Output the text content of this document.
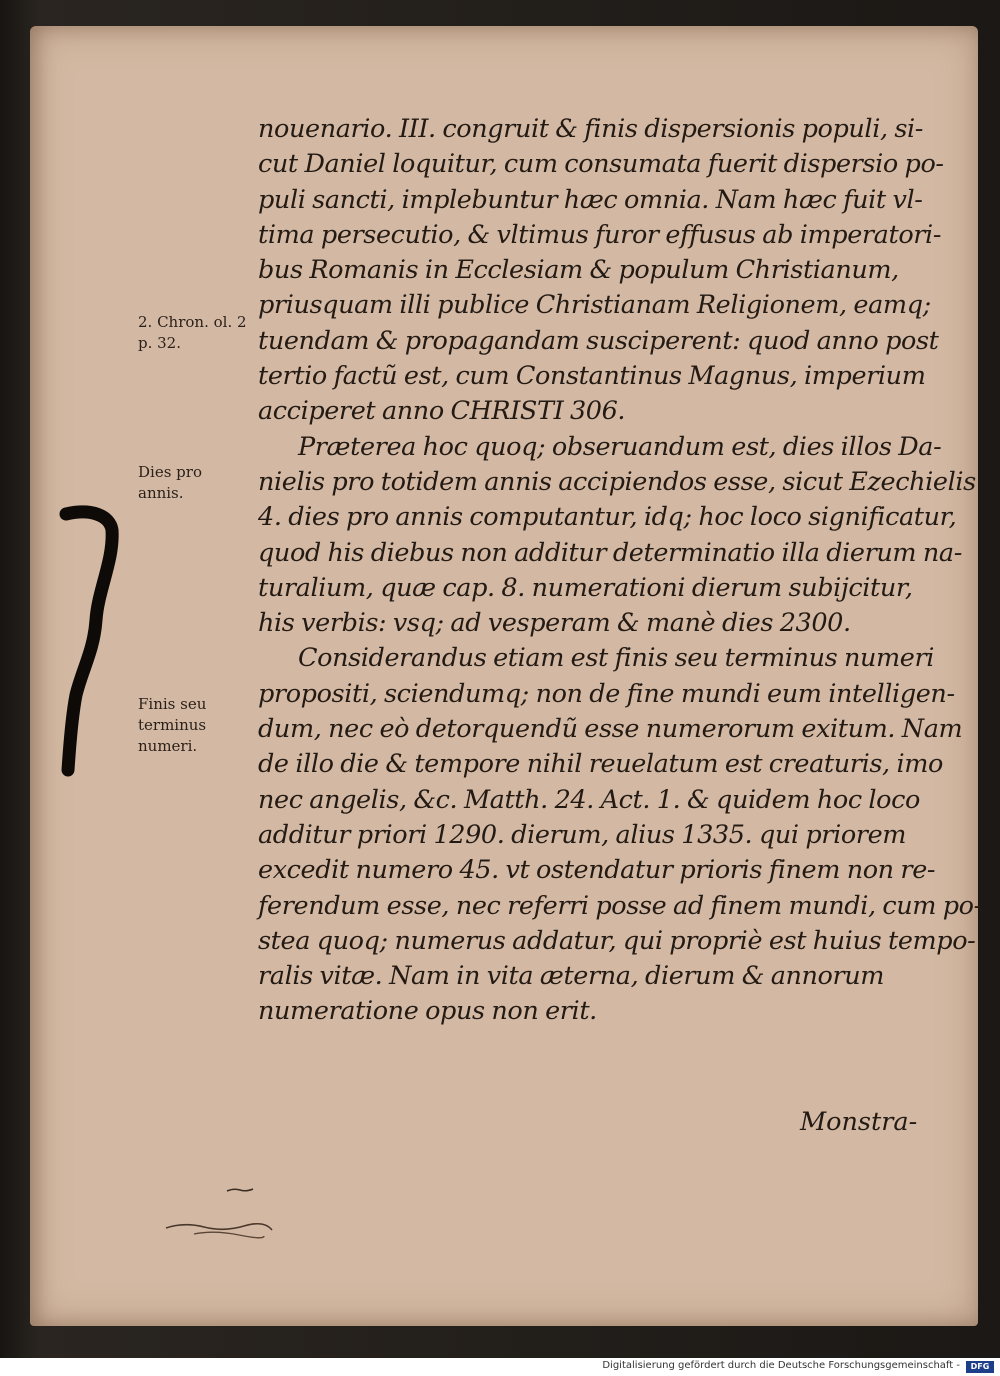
2. Chron. ol. 2
p. 32.
Dies pro
annis.
Finis seu
terminus
numeri.
nouenario. III. congruit & finis dispersionis populi, si-
cut Daniel loquitur, cum consumata fuerit dispersio po-
puli sancti, implebuntur hæc omnia. Nam hæc fuit vl-
tima persecutio, & vltimus furor effusus ab imperatori-
bus Romanis in Ecclesiam & populum Christianum,
priusquam illi publice Christianam Religionem, eamq;
tuendam & propagandam susciperent: quod anno post
tertio factũ est, cum Constantinus Magnus, imperium
acciperet anno CHRISTI 306.
Præterea hoc quoq; obseruandum est, dies illos Da-
nielis pro totidem annis accipiendos esse, sicut Ezechielis
4. dies pro annis computantur, idq; hoc loco significatur,
quod his diebus non additur determinatio illa dierum na-
turalium, quæ cap. 8. numerationi dierum subijcitur,
his verbis: vsq; ad vesperam & manè dies 2300.
Considerandus etiam est finis seu terminus numeri
propositi, sciendumq; non de fine mundi eum intelligen-
dum, nec eò detorquendũ esse numerorum exitum. Nam
de illo die & tempore nihil reuelatum est creaturis, imo
nec angelis, &c. Matth. 24. Act. 1. & quidem hoc loco
additur priori 1290. dierum, alius 1335. qui priorem
excedit numero 45. vt ostendatur prioris finem non re-
ferendum esse, nec referri posse ad finem mundi, cum po-
stea quoq; numerus addatur, qui propriè est huius tempo-
ralis vitæ. Nam in vita æterna, dierum & annorum
numeratione opus non erit.
Monstra-
Digitalisierung gefördert durch die Deutsche Forschungsgemeinschaft -	DFG
